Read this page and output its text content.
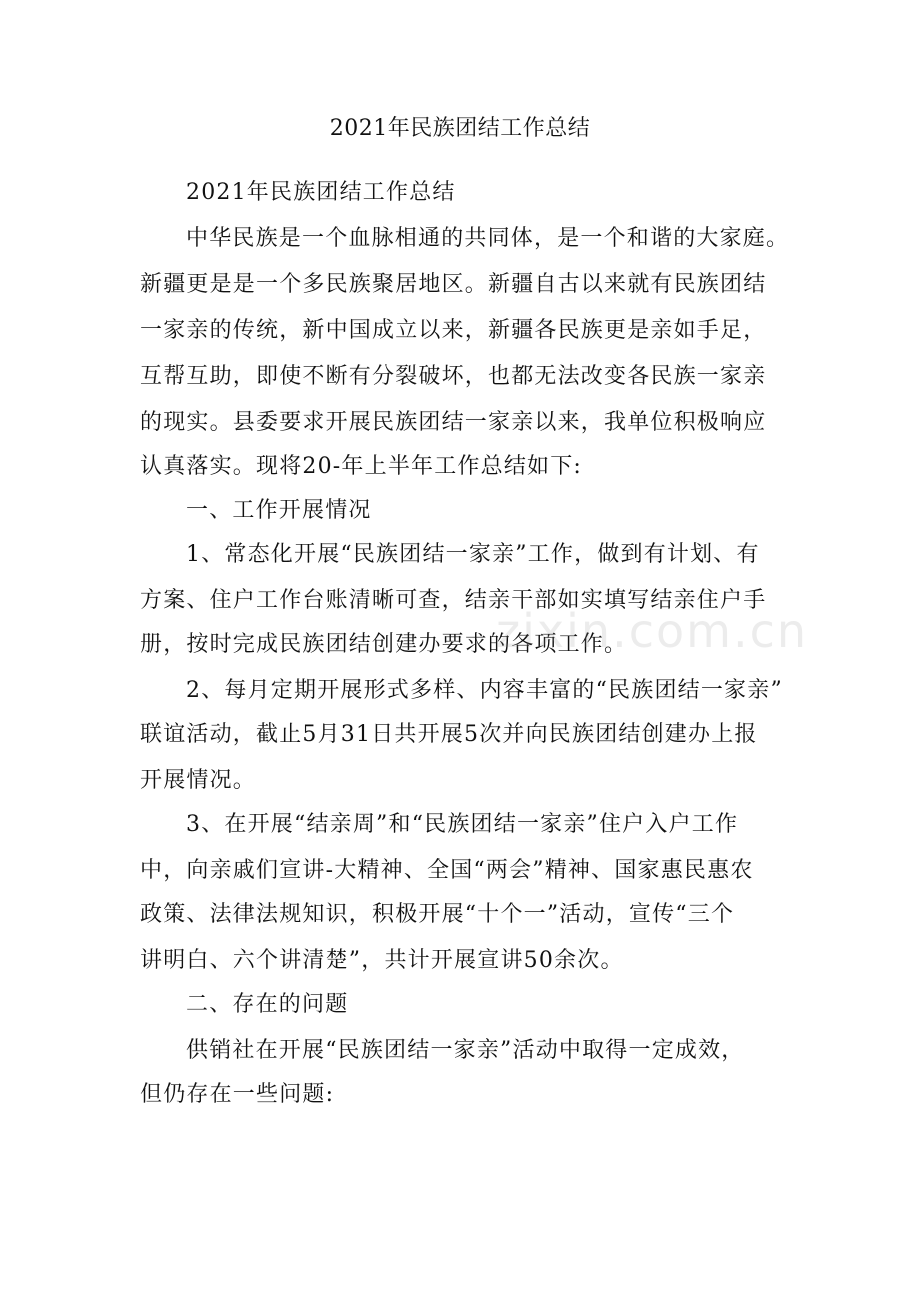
2021年民族团结工作总结
2021年民族团结工作总结
中华民族是一个血脉相通的共同体，是一个和谐的大家庭。
新疆更是是一个多民族聚居地区。新疆自古以来就有民族团结
一家亲的传统，新中国成立以来，新疆各民族更是亲如手足，
互帮互助，即使不断有分裂破坏，也都无法改变各民族一家亲
的现实。县委要求开展民族团结一家亲以来，我单位积极响应
认真落实。现将20-年上半年工作总结如下:
一、工作开展情况
1、常态化开展“民族团结一家亲”工作，做到有计划、有
方案、住户工作台账清晰可查，结亲干部如实填写结亲住户手
册，按时完成民族团结创建办要求的各项工作。
2、每月定期开展形式多样、内容丰富的“民族团结一家亲”
联谊活动，截止5月31日共开展5次并向民族团结创建办上报
开展情况。
3、在开展“结亲周”和“民族团结一家亲”住户入户工作
中，向亲戚们宣讲-大精神、全国“两会”精神、国家惠民惠农
政策、法律法规知识，积极开展“十个一”活动，宣传“三个
讲明白、六个讲清楚”，共计开展宣讲50余次。
二、存在的问题
供销社在开展“民族团结一家亲”活动中取得一定成效，
但仍存在一些问题:
zixin.com.cn
